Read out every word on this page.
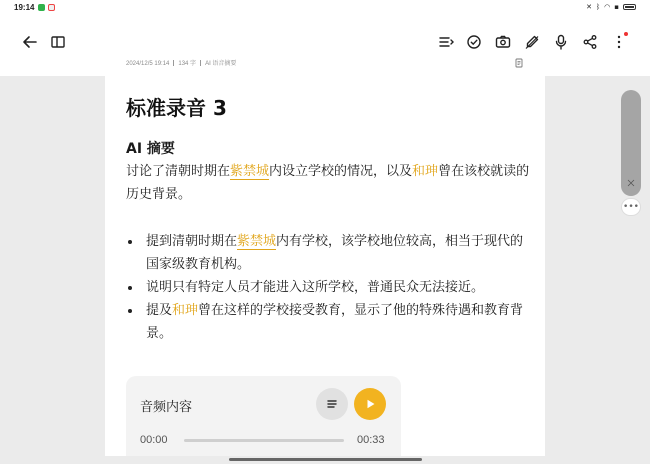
19:14	✕ ᛒ ◠ ▪
2024/12/5 19:14 134 字 AI 语音摘要
标准录音 3
AI 摘要
讨论了清朝时期在紫禁城内设立学校的情况，以及和珅曾在该校就读的历史背景。
提到清朝时期在紫禁城内有学校，该学校地位较高，相当于现代的国家级教育机构。
说明只有特定人员才能进入这所学校，普通民众无法接近。
提及和珅曾在这样的学校接受教育，显示了他的特殊待遇和教育背景。
音频内容
00:00	00:33
•••
